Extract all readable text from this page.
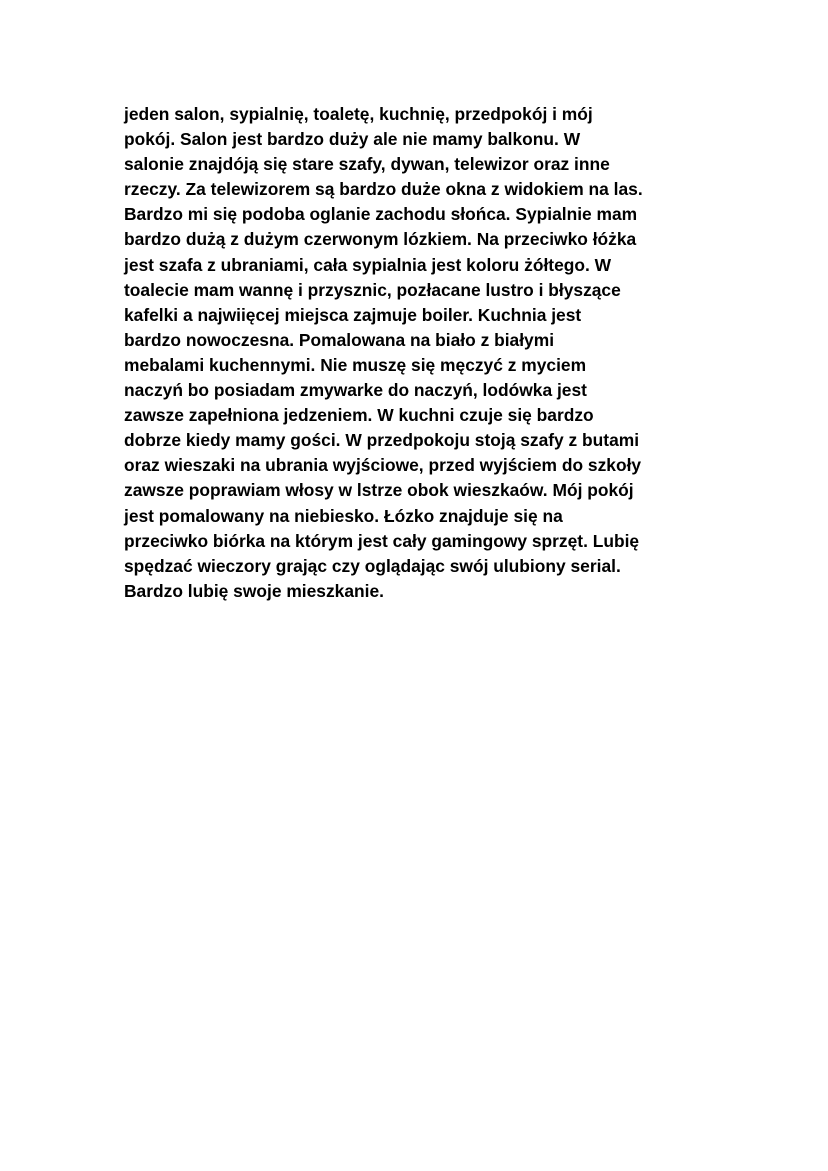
jeden salon, sypialnię, toaletę, kuchnię, przedpokój i mój
pokój. Salon jest bardzo duży ale nie mamy balkonu. W
salonie znajdóją się stare szafy, dywan, telewizor oraz inne
rzeczy. Za telewizorem są bardzo duże okna z widokiem na las.
Bardzo mi się podoba oglanie zachodu słońca. Sypialnie mam
bardzo dużą z dużym czerwonym lózkiem. Na przeciwko łóżka
jest szafa z ubraniami, cała sypialnia jest koloru żółtego. W
toalecie mam wannę i przysznic, pozłacane lustro i błyszące
kafelki a najwiięcej miejsca zajmuje boiler. Kuchnia jest
bardzo nowoczesna. Pomalowana na biało z białymi
mebalami kuchennymi. Nie muszę się męczyć z myciem
naczyń bo posiadam zmywarke do naczyń, lodówka jest
zawsze zapełniona jedzeniem. W kuchni czuje się bardzo
dobrze kiedy mamy gości. W przedpokoju stoją szafy z butami
oraz wieszaki na ubrania wyjściowe, przed wyjściem do szkoły
zawsze poprawiam włosy w lstrze obok wieszkaów. Mój pokój
jest pomalowany na niebiesko. Łózko znajduje się na
przeciwko biórka na którym jest cały gamingowy sprzęt. Lubię
spędzać wieczory grając czy oglądając swój ulubiony serial.
Bardzo lubię swoje mieszkanie.
